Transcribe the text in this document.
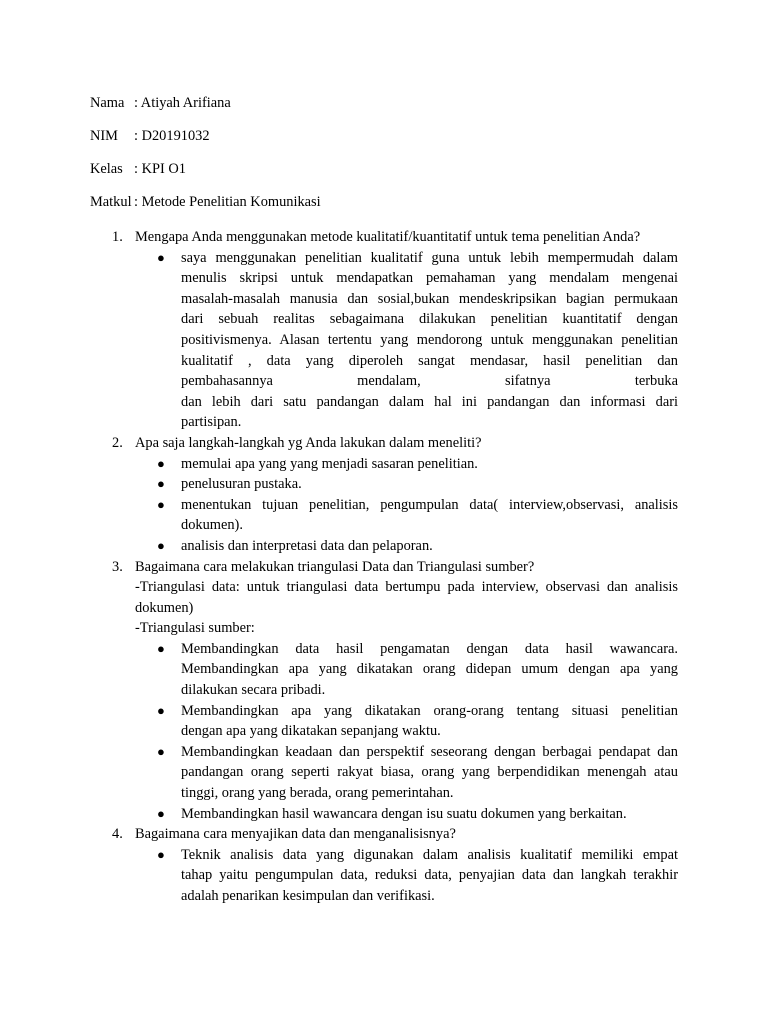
Nama : Atiyah Arifiana
NIM	: D20191032
Kelas : KPI O1
Matkul : Metode Penelitian Komunikasi
1. Mengapa Anda menggunakan metode kualitatif/kuantitatif untuk tema penelitian Anda?
● saya menggunakan penelitian kualitatif guna untuk lebih mempermudah dalam
menulis skripsi untuk mendapatkan pemahaman yang mendalam mengenai
masalah-masalah manusia dan sosial,bukan mendeskripsikan bagian permukaan
dari sebuah realitas sebagaimana dilakukan penelitian kuantitatif dengan
positivismenya. Alasan tertentu yang mendorong untuk menggunakan penelitian
kualitatif , data yang diperoleh sangat mendasar, hasil penelitian dan
pembahasannya mendalam, sifatnya terbuka
dan lebih dari satu pandangan dalam hal ini pandangan dan informasi dari
partisipan.
2. Apa saja langkah-langkah yg Anda lakukan dalam meneliti?
● memulai apa yang yang menjadi sasaran penelitian.
● penelusuran pustaka.
● menentukan tujuan penelitian, pengumpulan data( interview,observasi, analisis
dokumen).
● analisis dan interpretasi data dan pelaporan.
3. Bagaimana cara melakukan triangulasi Data dan Triangulasi sumber?
-Triangulasi data: untuk triangulasi data bertumpu pada interview, observasi dan analisis dokumen)
-Triangulasi sumber:
● Membandingkan data hasil pengamatan dengan data hasil wawancara.
Membandingkan apa yang dikatakan orang didepan umum dengan apa yang
dilakukan secara pribadi.
● Membandingkan apa yang dikatakan orang-orang tentang situasi penelitian
dengan apa yang dikatakan sepanjang waktu.
● Membandingkan keadaan dan perspektif seseorang dengan berbagai pendapat dan
pandangan orang seperti rakyat biasa, orang yang berpendidikan menengah atau
tinggi, orang yang berada, orang pemerintahan.
● Membandingkan hasil wawancara dengan isu suatu dokumen yang berkaitan.
4. Bagaimana cara menyajikan data dan menganalisisnya?
● Teknik analisis data yang digunakan dalam analisis kualitatif memiliki empat
tahap yaitu pengumpulan data, reduksi data, penyajian data dan langkah terakhir
adalah penarikan kesimpulan dan verifikasi.
